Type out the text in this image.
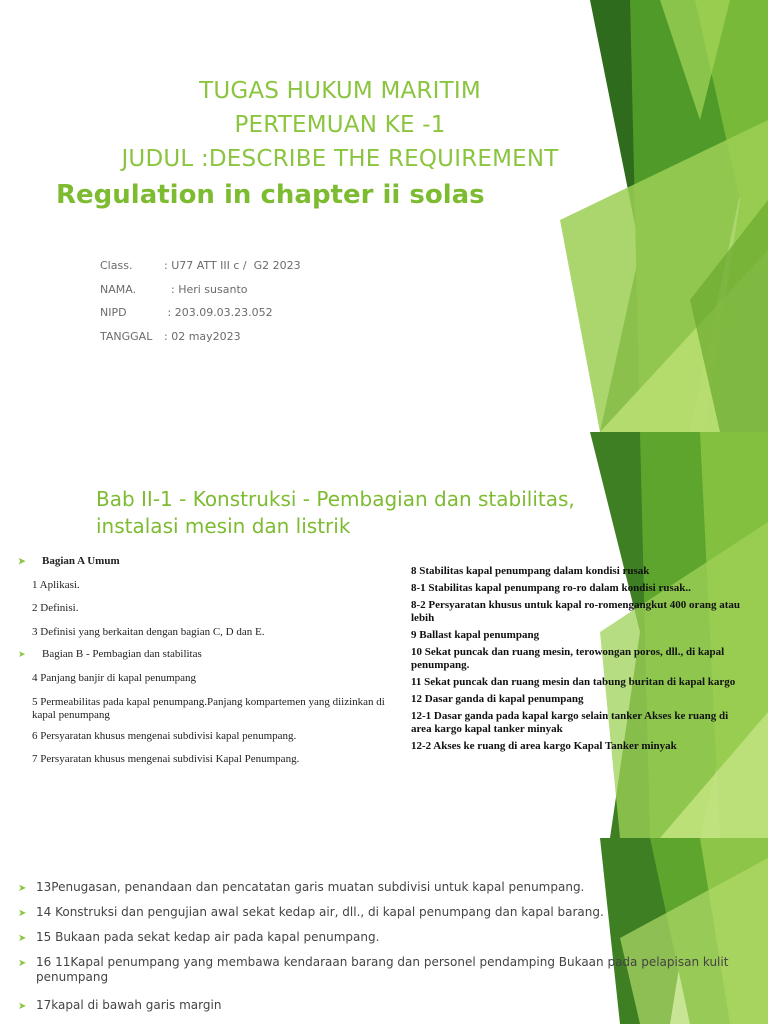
TUGAS HUKUM MARITIM
PERTEMUAN KE -1
JUDUL :DESCRIBE THE REQUIREMENT
Regulation in chapter ii solas
Class.	: U77 ATT III c /  G2 2023
NAMA.	: Heri susanto
NIPD	: 203.09.03.23.052
TANGGAL : 02 may2023
Bab II-1 - Konstruksi - Pembagian dan stabilitas, instalasi mesin dan listrik
➤ Bagian A Umum
1 Aplikasi.
2 Definisi.
3 Definisi yang berkaitan dengan bagian C, D dan E.
➤ Bagian B - Pembagian dan stabilitas
4 Panjang banjir di kapal penumpang
5 Permeabilitas pada kapal penumpang.Panjang kompartemen yang diizinkan di kapal penumpang
6 Persyaratan khusus mengenai subdivisi kapal penumpang.
7 Persyaratan khusus mengenai subdivisi Kapal Penumpang.
8 Stabilitas kapal penumpang dalam kondisi rusak
8-1 Stabilitas kapal penumpang ro-ro dalam kondisi rusak..
8-2 Persyaratan khusus untuk kapal ro-romengangkut 400 orang atau lebih
9 Ballast kapal penumpang
10 Sekat puncak dan ruang mesin, terowongan poros, dll., di kapal penumpang.
11 Sekat puncak dan ruang mesin dan tabung buritan di kapal kargo
12 Dasar ganda di kapal penumpang
12-1 Dasar ganda pada kapal kargo selain tanker Akses ke ruang di area kargo kapal tanker minyak
12-2 Akses ke ruang di area kargo Kapal Tanker minyak
➤ 13Penugasan, penandaan dan pencatatan garis muatan subdivisi untuk kapal penumpang.
➤ 14 Konstruksi dan pengujian awal sekat kedap air, dll., di kapal penumpang dan kapal barang.
➤ 15 Bukaan pada sekat kedap air pada kapal penumpang.
➤ 16 11Kapal penumpang yang membawa kendaraan barang dan personel pendamping Bukaan pada pelapisan kulit penumpang
➤ 17kapal di bawah garis margin
